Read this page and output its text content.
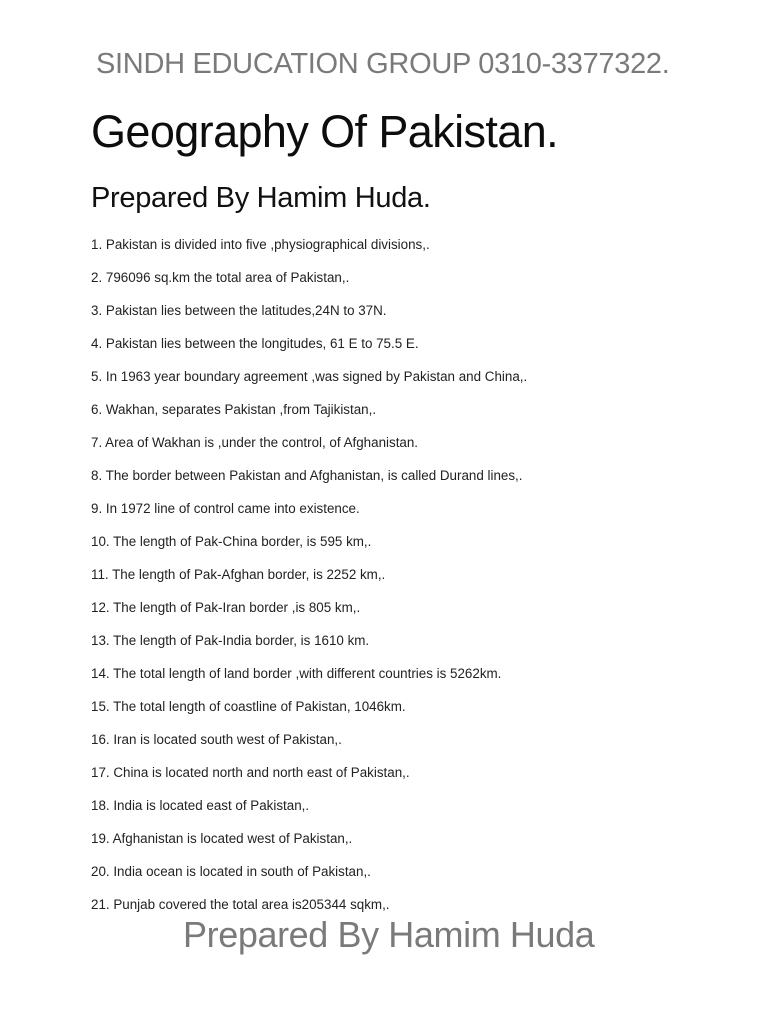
SINDH EDUCATION GROUP 0310-3377322.
Geography Of Pakistan.
Prepared By Hamim Huda.
1. Pakistan is divided into five ,physiographical divisions,.
2. 796096 sq.km the total area of Pakistan,.
3. Pakistan lies between the latitudes,24N to 37N.
4. Pakistan lies between the longitudes, 61 E to 75.5 E.
5. In 1963 year boundary agreement ,was signed by Pakistan and China,.
6. Wakhan, separates Pakistan ,from Tajikistan,.
7. Area of Wakhan is ,under the control, of Afghanistan.
8. The border between Pakistan and Afghanistan, is called Durand lines,.
9. In 1972 line of control came into existence.
10. The length of Pak-China border, is 595 km,.
11. The length of Pak-Afghan border, is 2252 km,.
12. The length of Pak-Iran border ,is 805 km,.
13. The length of Pak-India border, is 1610 km.
14. The total length of land border ,with different countries is 5262km.
15. The total length of coastline of Pakistan, 1046km.
16. Iran is located south west of Pakistan,.
17. China is located north and north east of Pakistan,.
18. India is located east of Pakistan,.
19. Afghanistan is located west of Pakistan,.
20. India ocean is located in south of Pakistan,.
21. Punjab covered the total area is205344 sqkm,.
Prepared By Hamim Huda
